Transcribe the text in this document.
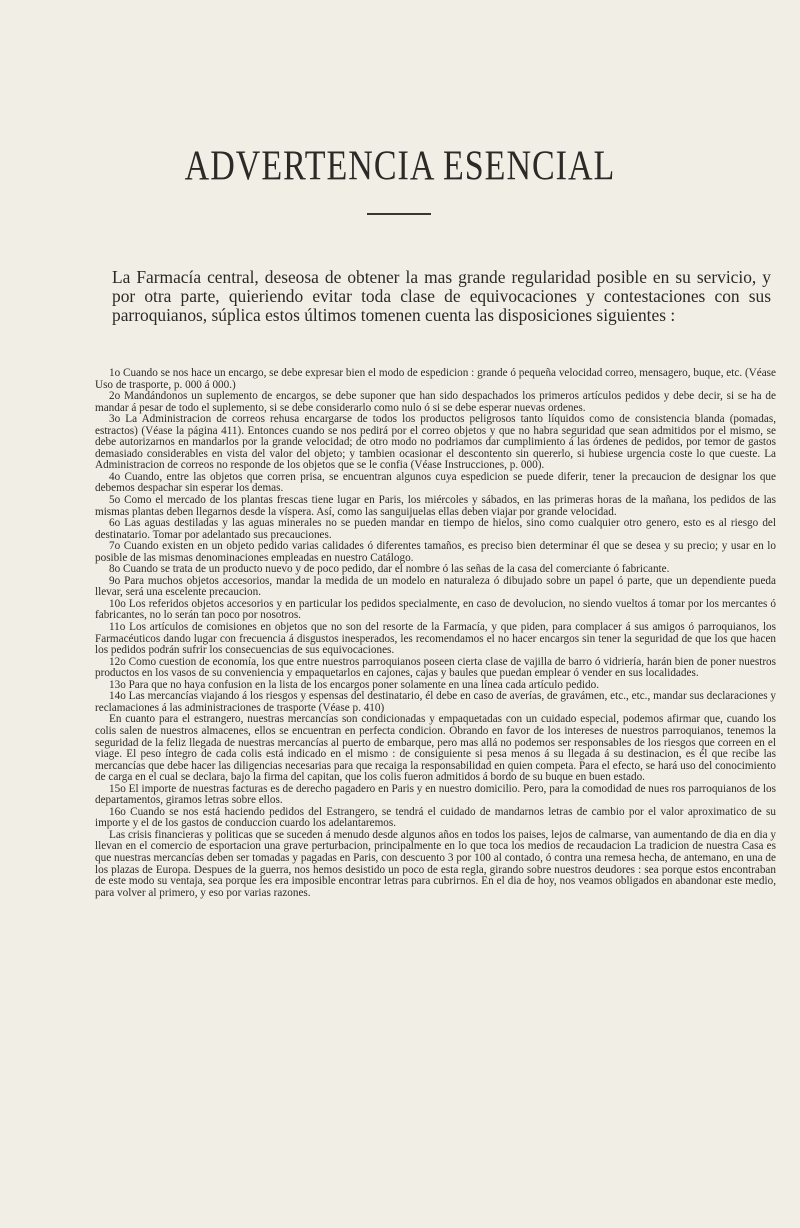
ADVERTENCIA ESENCIAL

La Farmacía central, deseosa de obtener la mas grande regularidad posible en su servicio, y por otra parte, quieriendo evitar toda clase de equivocaciones y contestaciones con sus parroquianos, súplica estos últimos tomenen cuenta las disposiciones siguientes :

1o Cuando se nos hace un encargo, se debe expresar bien el modo de espedicion : grande ó pequeña velocidad correo, mensagero, buque, etc. (Véase Uso de trasporte, p. 000 á 000.)

2o Mandándonos un suplemento de encargos, se debe suponer que han sido despachados los primeros artículos pedidos y debe decir, si se ha de mandar á pesar de todo el suplemento, si se debe considerarlo como nulo ó si se debe esperar nuevas ordenes.

3o La Administracion de correos rehusa encargarse de todos los productos peligrosos tanto líquidos como de consistencia blanda (pomadas, estractos) (Véase la página 411). Entonces cuando se nos pedirá por el correo objetos y que no habra seguridad que sean admitidos por el mismo, se debe autorizarnos en mandarlos por la grande velocidad; de otro modo no podriamos dar cumplimiento á las órdenes de pedidos, por temor de gastos demasiado considerables en vista del valor del objeto; y tambien ocasionar el descontento sin quererlo, si hubiese urgencia coste lo que cueste. La Administracion de correos no responde de los objetos que se le confia (Véase Instrucciones, p. 000).

4o Cuando, entre las objetos que corren prisa, se encuentran algunos cuya espedicion se puede diferir, tener la precaucion de designar los que debemos despachar sin esperar los demas.

5o Como el mercado de los plantas frescas tiene lugar en Paris, los miércoles y sábados, en las primeras horas de la mañana, los pedidos de las mismas plantas deben llegarnos desde la víspera. Así, como las sanguijuelas ellas deben viajar por grande velocidad.

6o Las aguas destiladas y las aguas minerales no se pueden mandar en tiempo de hielos, sino como cualquier otro genero, esto es al riesgo del destinatario. Tomar por adelantado sus precauciones.

7o Cuando existen en un objeto pedido varias calidades ó diferentes tamaños, es preciso bien determinar él que se desea y su precio; y usar en lo posible de las mismas denominaciones empleadas en nuestro Catálogo.

8o Cuando se trata de un producto nuevo y de poco pedido, dar el nombre ó las señas de la casa del comerciante ó fabricante.

9o Para muchos objetos accesorios, mandar la medida de un modelo en naturaleza ó dibujado sobre un papel ó parte, que un dependiente pueda llevar, será una escelente precaucion.

10o Los referidos objetos accesorios y en particular los pedidos specialmente, en caso de devolucion, no siendo vueltos á tomar por los mercantes ó fabricantes, no lo serán tan poco por nosotros.

11o Los artículos de comisiones en objetos que no son del resorte de la Farmacía, y que piden, para complacer á sus amigos ó parroquianos, los Farmacéuticos dando lugar con frecuencia á disgustos inesperados, les recomendamos el no hacer encargos sin tener la seguridad de que los que hacen los pedidos podrán sufrir los consecuencias de sus equivocaciones.

12o Como cuestion de economía, los que entre nuestros parroquianos poseen cierta clase de vajilla de barro ó vidriería, harán bien de poner nuestros productos en los vasos de su conveniencia y empaquetarlos en cajones, cajas y baules que puedan emplear ó vender en sus localidades.

13o Para que no haya confusion en la lista de los encargos poner solamente en una línea cada artículo pedido.

14o Las mercancías viajando á los riesgos y espensas del destinatario, él debe en caso de averías, de gravámen, etc., etc., mandar sus declaraciones y reclamaciones á las administraciones de trasporte (Véase p. 410)

En cuanto para el estrangero, nuestras mercancías son condicionadas y empaquetadas con un cuidado especial, podemos afirmar que, cuando los colis salen de nuestros almacenes, ellos se encuentran en perfecta condicion. Obrando en favor de los intereses de nuestros parroquianos, tenemos la seguridad de la feliz llegada de nuestras mercancías al puerto de embarque, pero mas allá no podemos ser responsables de los riesgos que correen en el viage. El peso íntegro de cada colis está indicado en el mismo : de consiguiente si pesa menos á su llegada á su destinacion, es él que recibe las mercancías que debe hacer las diligencias necesarias para que recaiga la responsabilidad en quien competa. Para el efecto, se hará uso del conocimiento de carga en el cual se declara, bajo la firma del capitan, que los colis fueron admitidos á bordo de su buque en buen estado.

15o El importe de nuestras facturas es de derecho pagadero en Paris y en nuestro domicilio. Pero, para la comodidad de nues ros parroquianos de los departamentos, giramos letras sobre ellos.

16o Cuando se nos está haciendo pedidos del Estrangero, se tendrá el cuidado de mandarnos letras de cambio por el valor aproximatico de su importe y el de los gastos de conduccion cuardo los adelantaremos.

Las crisis financieras y politicas que se suceden á menudo desde algunos años en todos los paises, lejos de calmarse, van aumentando de dia en dia y llevan en el comercio de esportacion una grave perturbacion, principalmente en lo que toca los medios de recaudacion La tradicion de nuestra Casa es que nuestras mercancías deben ser tomadas y pagadas en Paris, con descuento 3 por 100 al contado, ó contra una remesa hecha, de antemano, en una de los plazas de Europa. Despues de la guerra, nos hemos desistido un poco de esta regla, girando sobre nuestros deudores : sea porque estos encontraban de este modo su ventaja, sea porque les era imposible encontrar letras para cubrirnos. En el dia de hoy, nos veamos obligados en abandonar este medio, para volver al primero, y eso por varias razones.
